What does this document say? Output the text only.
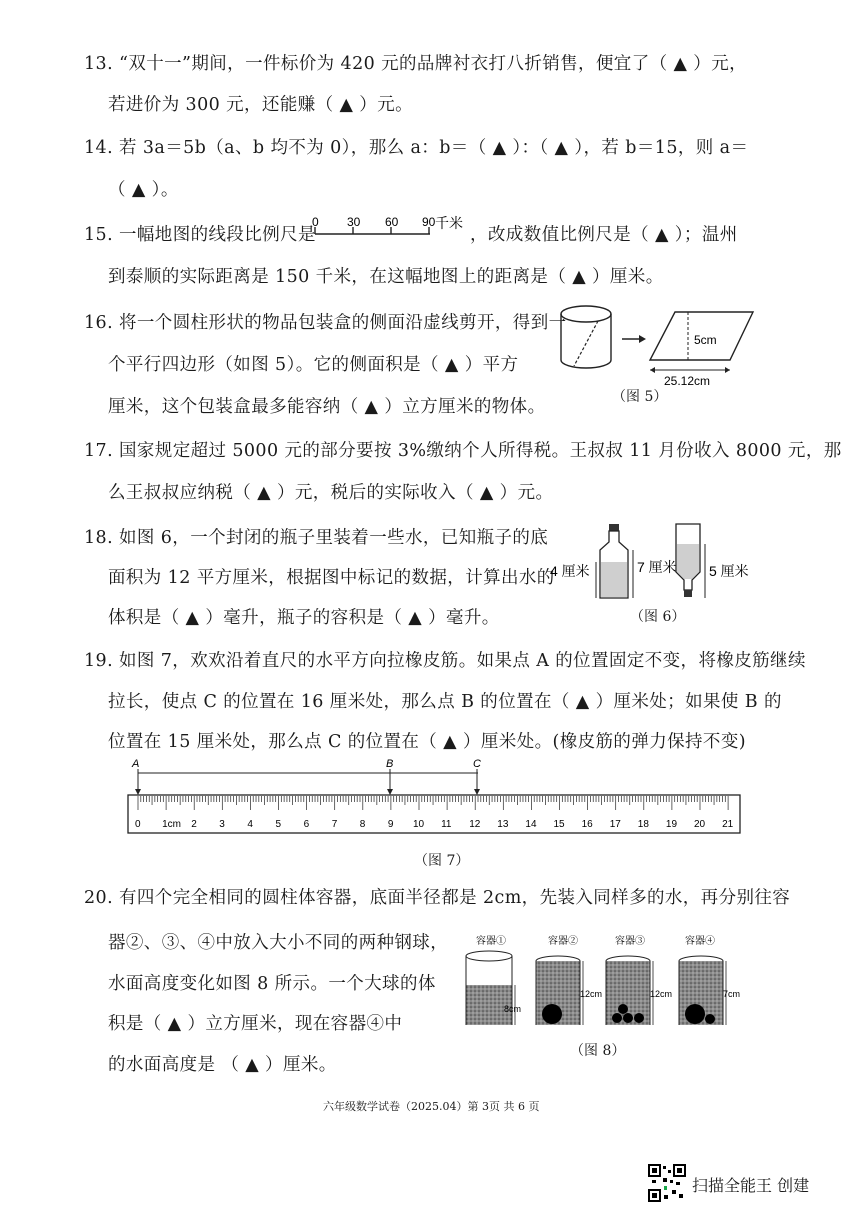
13. “双十一”期间，一件标价为 420 元的品牌衬衣打八折销售，便宜了（ ▲ ）元，
若进价为 300 元，还能赚（ ▲ ）元。
14. 若 3a＝5b（a、b 均不为 0），那么 a：b＝（ ▲ ）：（ ▲ ），若 b＝15，则 a＝
（ ▲ ）。
15. 一幅地图的线段比例尺是
0 30 60 90 千米
，改成数值比例尺是（ ▲ ）；温州
到泰顺的实际距离是 150 千米，在这幅地图上的距离是（ ▲ ）厘米。
16. 将一个圆柱形状的物品包装盒的侧面沿虚线剪开，得到一
个平行四边形（如图 5）。它的侧面积是（ ▲ ）平方
厘米，这个包装盒最多能容纳（ ▲ ）立方厘米的物体。
5cm
25.12cm
（图 5）
17. 国家规定超过 5000 元的部分要按 3%缴纳个人所得税。王叔叔 11 月份收入 8000 元，那
么王叔叔应纳税（ ▲ ）元，税后的实际收入（ ▲ ）元。
18. 如图 6，一个封闭的瓶子里装着一些水，已知瓶子的底
面积为 12 平方厘米，根据图中标记的数据，计算出水的
体积是（ ▲ ）毫升，瓶子的容积是（ ▲ ）毫升。
4 厘米	7 厘米 5 厘米
（图 6）
19. 如图 7，欢欢沿着直尺的水平方向拉橡皮筋。如果点 A 的位置固定不变，将橡皮筋继续
拉长，使点 C 的位置在 16 厘米处，那么点 B 的位置在（ ▲ ）厘米处；如果使 B 的
位置在 15 厘米处，那么点 C 的位置在（ ▲ ）厘米处。(橡皮筋的弹力保持不变)
A	B	C
0 1cm 2 3 4 5 6 7 8 9 10 11 12 13 14 15 16 17 18 19 20 21
（图 7）
20. 有四个完全相同的圆柱体容器，底面半径都是 2cm，先装入同样多的水，再分别往容
器②、③、④中放入大小不同的两种钢球，
水面高度变化如图 8 所示。一个大球的体
积是（ ▲ ）立方厘米，现在容器④中
的水面高度是 （ ▲ ）厘米。
容器①
8cm
容器②
12cm
容器③
12cm
容器④
7cm
（图 8）
六年级数学试卷（2025.04）第 3页 共 6 页
扫描全能王 创建
